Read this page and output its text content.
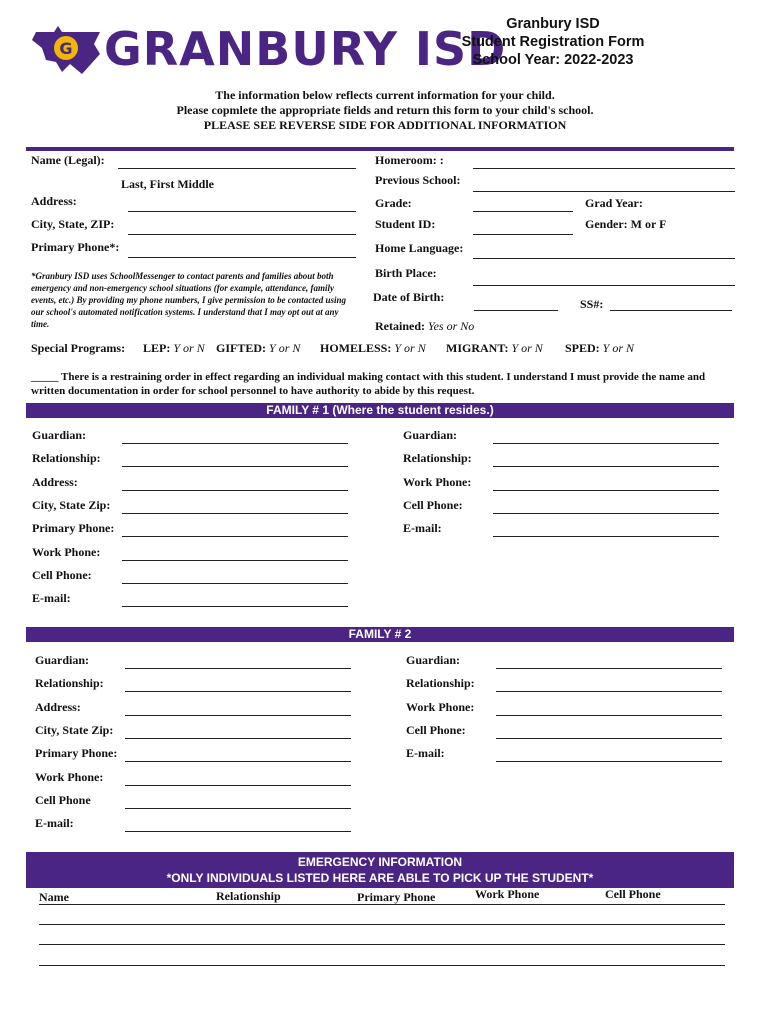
G GRANBURY ISD Granbury ISD
Student Registration Form
School Year: 2022-2023
The information below reflects current information for your child.
Please copmlete the appropriate fields and return this form to your child's school.
PLEASE SEE REVERSE SIDE FOR ADDITIONAL INFORMATION
Name (Legal):
Last, First Middle
Address:
City, State, ZIP:
Primary Phone*:
*Granbury ISD uses SchoolMessenger to contact parents and families about both emergency and non-emergency school situations (for example, attendance, family events, etc.) By providing my phone numbers, I give permission to be contacted using our school's automated notification systems. I understand that I may opt out at any time.
Homeroom: :
Previous School:
Grade:	Grad Year:
Student ID:	Gender: M or F
Home Language:
Birth Place:
Date of Birth:	SS#:
Retained: Yes or No
Special Programs: LEP: Y or N GIFTED: Y or N HOMELESS: Y or N MIGRANT: Y or N SPED: Y or N
_____ There is a restraining order in effect regarding an individual making contact with this student. I understand I must provide the name and
written documentation in order for school personnel to have authority to abide by this request.
FAMILY # 1 (Where the student resides.)
Guardian:
Relationship:
Address:
City, State Zip:
Primary Phone:
Work Phone:
Cell Phone:
E-mail:
Guardian:
Relationship:
Work Phone:
Cell Phone:
E-mail:
FAMILY # 2
Guardian:
Relationship:
Address:
City, State Zip:
Primary Phone:
Work Phone:
Cell Phone
E-mail:
Guardian:
Relationship:
Work Phone:
Cell Phone:
E-mail:
EMERGENCY INFORMATION
*ONLY INDIVIDUALS LISTED HERE ARE ABLE TO PICK UP THE STUDENT*
Name	Relationship	Primary Phone	Work Phone	Cell Phone
